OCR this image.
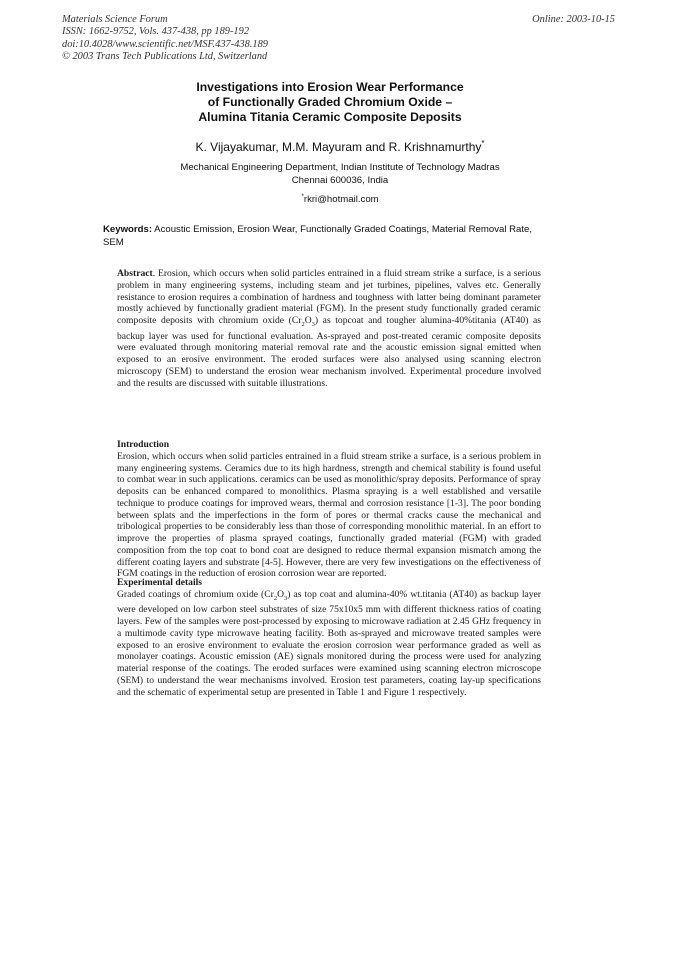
Materials Science Forum
ISSN: 1662-9752, Vols. 437-438, pp 189-192
doi:10.4028/www.scientific.net/MSF.437-438.189
© 2003 Trans Tech Publications Ltd, Switzerland
Online: 2003-10-15
Investigations into Erosion Wear Performance
of Functionally Graded Chromium Oxide –
Alumina Titania Ceramic Composite Deposits
K. Vijayakumar, M.M. Mayuram and R. Krishnamurthy*
Mechanical Engineering Department, Indian Institute of Technology Madras
Chennai 600036, India
*rkri@hotmail.com
Keywords: Acoustic Emission, Erosion Wear, Functionally Graded Coatings, Material Removal Rate, SEM
Abstract. Erosion, which occurs when solid particles entrained in a fluid stream strike a surface, is a serious problem in many engineering systems, including steam and jet turbines, pipelines, valves etc. Generally resistance to erosion requires a combination of hardness and toughness with latter being dominant parameter mostly achieved by functionally gradient material (FGM). In the present study functionally graded ceramic composite deposits with chromium oxide $(Cr_2O_3)$ as topcoat and tougher alumina-40%titania (AT40) as backup layer was used for functional evaluation. As-sprayed and post-treated ceramic composite deposits were evaluated through monitoring material removal rate and the acoustic emission signal emitted when exposed to an erosive environment. The eroded surfaces were also analysed using scanning electron microscopy (SEM) to understand the erosion wear mechanism involved. Experimental procedure involved and the results are discussed with suitable illustrations.
Introduction
Erosion, which occurs when solid particles entrained in a fluid stream strike a surface, is a serious problem in many engineering systems. Ceramics due to its high hardness, strength and chemical stability is found useful to combat wear in such applications. ceramics can be used as monolithic/spray deposits. Performance of spray deposits can be enhanced compared to monolithics. Plasma spraying is a well established and versatile technique to produce coatings for improved wears, thermal and corrosion resistance [1-3]. The poor bonding between splats and the imperfections in the form of pores or thermal cracks cause the mechanical and tribological properties to be considerably less than those of corresponding monolithic material. In an effort to improve the properties of plasma sprayed coatings, functionally graded material (FGM) with graded composition from the top coat to bond coat are designed to reduce thermal expansion mismatch among the different coating layers and substrate [4-5]. However, there are very few investigations on the effectiveness of FGM coatings in the reduction of erosion corrosion wear are reported.
Experimental details
Graded coatings of chromium oxide $(Cr_2O_3)$ as top coat and alumina-40% wt.titania (AT40) as backup layer were developed on low carbon steel substrates of size 75x10x5 mm with different thickness ratios of coating layers. Few of the samples were post-processed by exposing to microwave radiation at 2.45 GHz frequency in a multimode cavity type microwave heating facility. Both as-sprayed and microwave treated samples were exposed to an erosive environment to evaluate the erosion corrosion wear performance graded as well as monolayer coatings. Acoustic emission (AE) signals monitored during the process were used for analyzing material response of the coatings. The eroded surfaces were examined using scanning electron microscope (SEM) to understand the wear mechanisms involved. Erosion test parameters, coating lay-up specifications and the schematic of experimental setup are presented in Table 1 and Figure 1 respectively.
